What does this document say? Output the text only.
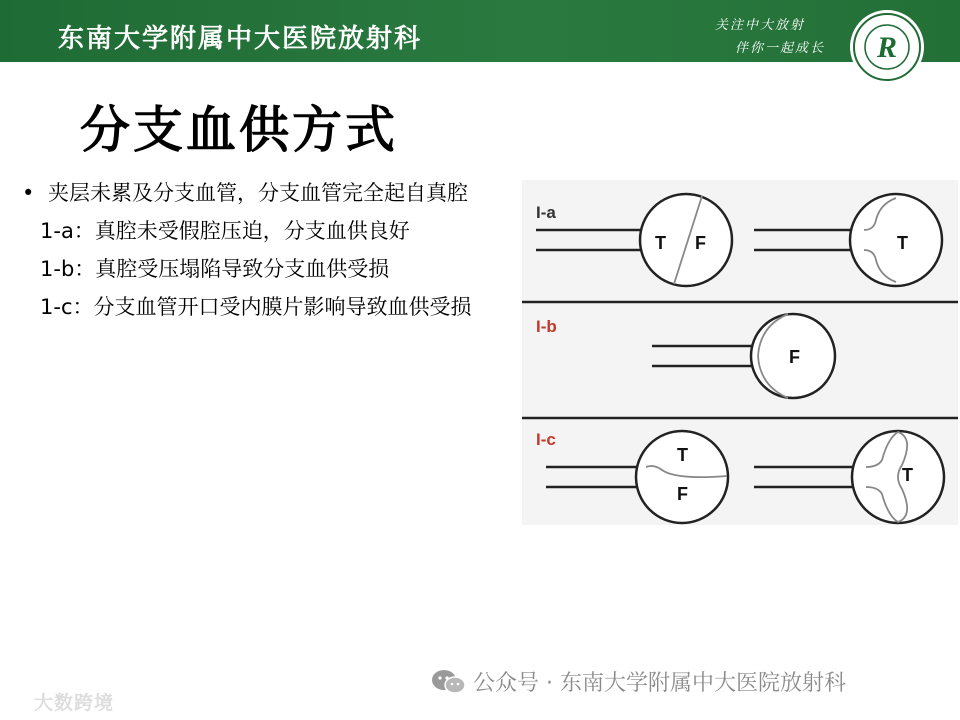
东南大学附属中大医院放射科	关注中大放射
伴你一起成长 R
分支血供方式
• 夹层未累及分支血管，分支血管完全起自真腔
1-a：真腔未受假腔压迫，分支血供良好
1-b：真腔受压塌陷导致分支血供受损
1-c：分支血管开口受内膜片影响导致血供受损
I-a
I-b
I-c
T F	T
F
T
F
T
公众号 · 东南大学附属中大医院放射科
大数跨境
